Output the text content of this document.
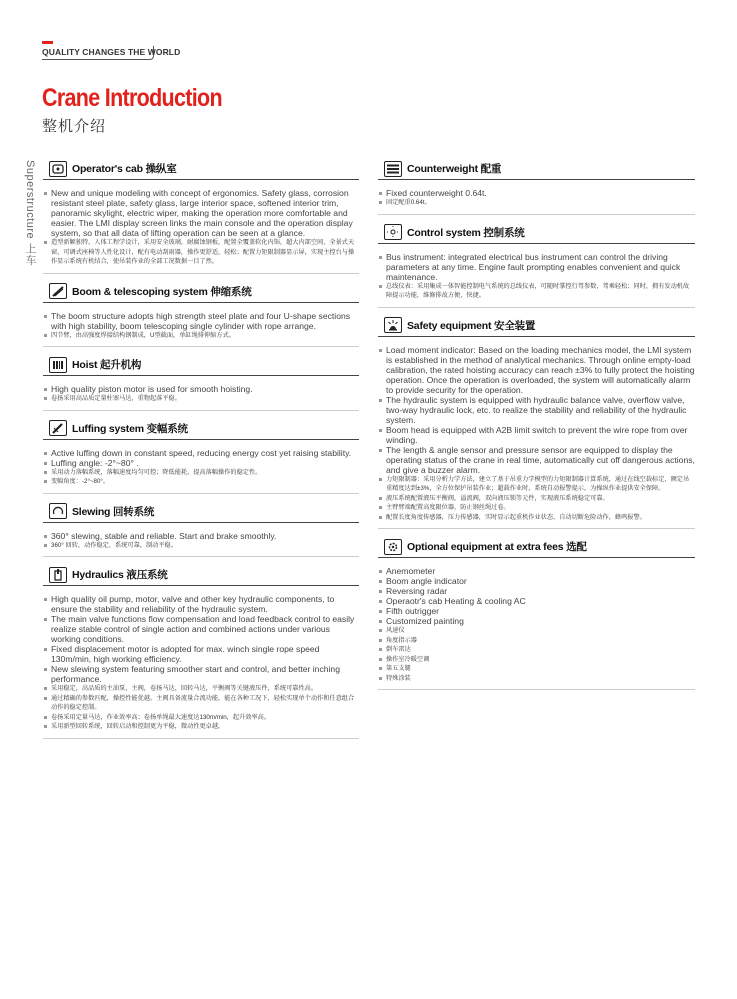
QUALITY CHANGES THE WORLD
Crane Introduction
整机介绍
Superstructure 上车	Operator's cab 操纵室
New and unique modeling with concept of ergonomics. Safety glass, corrosion resistant steel plate, safety glass, large interior space, softened interior trim, panoramic skylight, electric wiper, making the operation more comfortable and easier. The LMI display screen links the main console and the operation display system, so that all data of lifting operation can be seen at a glance.
造型新颖独特，人体工程学设计，采用安全玻璃，耐腐蚀钢板，配置全覆盖软化内饰，超大内部空间，全景式天窗，可调式座椅等人性化设计，配有电动刮雨器，操作更舒适，轻松；配置力矩限制器显示屏，实现主控台与操作显示系统有机结合，使吊装作业的全部工况数据一目了然。
Boom & telescoping system 伸缩系统
The boom structure adopts high strength steel plate and four U-shape sections with high stability, boom telescoping single cylinder with rope arrange.
四节臂，由高强度焊接结构钢制成，U型截面，单缸绳排伸缩方式。
Hoist 起升机构
High quality piston motor is used for smooth hoisting.
卷扬采用高品质定量柱塞马达，重物起落平稳。
Luffing system 变幅系统
Active luffing down in constant speed, reducing energy cost yet raising stability.
Luffing angle: -2°~80° .
采用动力落幅系统，落幅速度均匀可控；降低能耗，提高落幅操作的稳定性。
变幅角度：-2°~80°。
Slewing 回转系统
360° slewing, stable and reliable. Start and brake smoothly.
360° 回转，动作稳定，系统可靠，制动平稳。
Hydraulics 液压系统
High quality oil pump, motor, valve and other key hydraulic components, to ensure the stability and reliability of the hydraulic system.
The main valve functions flow compensation and load feedback control to easily realize stable control of single action and combined actions under various working conditions.
Fixed displacement motor is adopted for max. winch single rope speed 130m/min, high working efficiency.
New slewing system featuring smoother start and control, and better inching performance.
采用稳定，高品质的主油泵，主阀，卷扬马达，回转马达，平衡阀等关键液压件，系统可靠性高。
通过精确的参数匹配，操控性能优越。主阀具备流量合流功能，能在各种工况下，轻松实现单个动作和任意组合动作的稳定控制。
卷扬采用定量马达，作业效率高；卷扬单绳最大速度达130m/min，起升效率高。
采用新型回转系统，回转启动和控制更为平稳，微动性更卓越。
Counterweight 配重
Fixed counterweight 0.64t.
固定配重0.64t。
Control system 控制系统
Bus instrument: integrated electrical bus instrument can control the driving parameters at any time. Engine fault prompting enables convenient and quick maintenance.
总线仪表：采用集成一体智能控制电气系统的总线仪表，可随时掌控行驾参数，驾乘轻松；同时，拥有发动机故障提示功能，维修排故方便，快捷。
Safety equipment 安全装置
Load moment indicator: Based on the loading mechanics model, the LMI system is established in the method of analytical mechanics. Through online empty-load calibration, the rated hoisting accuracy can reach ±3% to fully protect the hoisting operation. Once the operation is overloaded, the system will automatically alarm to provide security for the operation.
The hydraulic system is equipped with hydraulic balance valve, overflow valve, two-way hydraulic lock, etc. to realize the stability and reliability of the hydraulic system.
Boom head is equipped with A2B limit switch to prevent the wire rope from over winding.
The length & angle sensor and pressure sensor are equipped to display the operating status of the crane in real time, automatically cut off dangerous actions, and give a buzzer alarm.
力矩限制器：采用分析力学方法，建立了基于吊重力学模型的力矩限制器计算系统，通过在线空载标定，额定吊重精度达到±3%，全方位保护吊装作业；超载作业时，系统自动报警提示，为操纵作业提供安全保障。
液压系统配置液压平衡阀，溢流阀，双向液压锁等元件，实现液压系统稳定可靠。
主臂臂端配置高度限位器，防止钢丝绳过卷。
配置长度角度传感器，压力传感器，实时显示起重机作业状态，自动切断危险动作，蜂鸣报警。
Optional equipment at extra fees 选配
Anemometer
Boom angle indicator
Reversing radar
Operaotr's cab Heating & cooling AC
Fifth outrigger
Customized painting
风速仪
角度指示器
倒车雷达
操作室冷暖空调
第五支腿
特殊涂装
